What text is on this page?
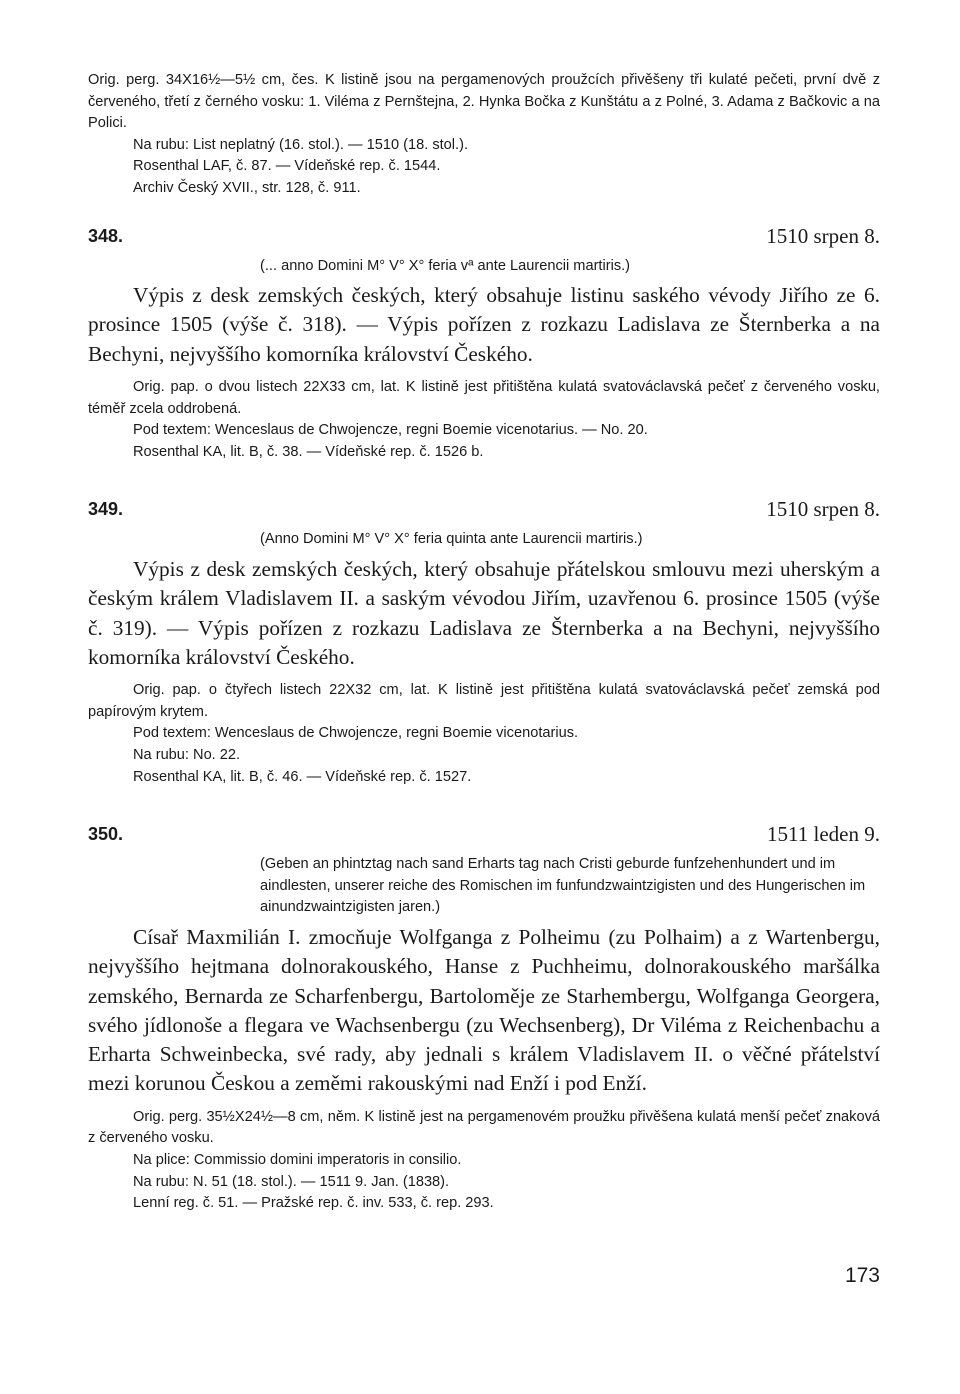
Orig. perg. 34X16½—5½ cm, čes. K listině jsou na pergamenových proužcích přivěšeny tři kulaté pečeti, první dvě z červeného, třetí z černého vosku: 1. Viléma z Pernštejna, 2. Hynka Bočka z Kunštátu a z Polné, 3. Adama z Bačkovic a na Polici.

Na rubu: List neplatný (16. stol.). — 1510 (18. stol.).

Rosenthal LAF, č. 87. — Vídeňské rep. č. 1544.

Archiv Český XVII., str. 128, č. 911.

348.	1510 srpen 8.

(... anno Domini M° V° X° feria vª ante Laurencii martiris.)

Výpis z desk zemských českých, který obsahuje listinu saského vévody Jiřího ze 6. prosince 1505 (výše č. 318). — Výpis pořízen z rozkazu Ladislava ze Šternberka a na Bechyni, nejvyššího komorníka království Českého.

Orig. pap. o dvou listech 22X33 cm, lat. K listině jest přitištěna kulatá svatováclavská pečeť z červeného vosku, téměř zcela oddrobená.

Pod textem: Wenceslaus de Chwojencze, regni Boemie vicenotarius. — No. 20.

Rosenthal KA, lit. B, č. 38. — Vídeňské rep. č. 1526 b.

349.	1510 srpen 8.

(Anno Domini M° V° X° feria quinta ante Laurencii martiris.)

Výpis z desk zemských českých, který obsahuje přátelskou smlouvu mezi uherským a českým králem Vladislavem II. a saským vévodou Jiřím, uzavřenou 6. prosince 1505 (výše č. 319). — Výpis pořízen z rozkazu Ladislava ze Šternberka a na Bechyni, nejvyššího komorníka království Českého.

Orig. pap. o čtyřech listech 22X32 cm, lat. K listině jest přitištěna kulatá svatováclavská pečeť zemská pod papírovým krytem.

Pod textem: Wenceslaus de Chwojencze, regni Boemie vicenotarius.

Na rubu: No. 22.

Rosenthal KA, lit. B, č. 46. — Vídeňské rep. č. 1527.

350.	1511 leden 9.

(Geben an phintztag nach sand Erharts tag nach Cristi geburde funfzehenhundert und im aindlesten, unserer reiche des Romischen im funfundzwaintzigisten und des Hungerischen im ainundzwaintzigisten jaren.)

Císař Maxmilián I. zmocňuje Wolfganga z Polheimu (zu Polhaim) a z Wartenbergu, nejvyššího hejtmana dolnorakouského, Hanse z Puchheimu, dolnorakouského maršálka zemského, Bernarda ze Scharfenbergu, Bartoloměje ze Starhembergu, Wolfganga Georgera, svého jídlonoše a flegara ve Wachsenbergu (zu Wechsenberg), Dr Viléma z Reichenbachu a Erharta Schweinbecka, své rady, aby jednali s králem Vladislavem II. o věčné přátelství mezi korunou Českou a zeměmi rakouskými nad Enží i pod Enží.

Orig. perg. 35½X24½—8 cm, něm. K listině jest na pergamenovém proužku přivěšena kulatá menší pečeť znaková z červeného vosku.

Na plice: Commissio domini imperatoris in consilio.

Na rubu: N. 51 (18. stol.). — 1511 9. Jan. (1838).

Lenní reg. č. 51. — Pražské rep. č. inv. 533, č. rep. 293.

173
